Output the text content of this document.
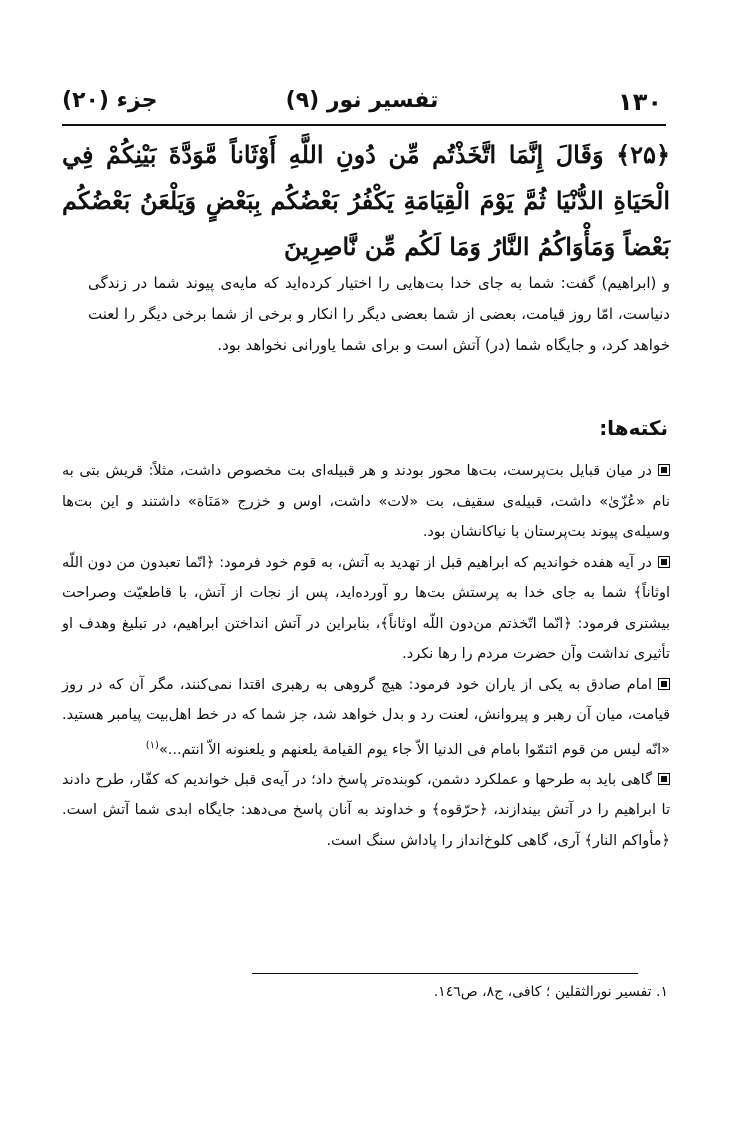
۱۳۰
تفسیر نور (۹)
جزء (۲۰)
﴿۲۵﴾ وَقَالَ إِنَّمَا اتَّخَذْتُم مِّن دُونِ اللَّهِ أَوْثَاناً مَّوَدَّةَ بَيْنِكُمْ فِي الْحَيَاةِ الدُّنْيَا ثُمَّ يَوْمَ الْقِيَامَةِ يَكْفُرُ بَعْضُكُم بِبَعْضٍ وَيَلْعَنُ بَعْضُكُم بَعْضاً وَمَأْوَاكُمُ النَّارُ وَمَا لَكُم مِّن نَّاصِرِينَ
و (ابراهیم) گفت: شما به جای خدا بت‌هایی را اختیار کرده‌اید که مایه‌ی پیوند شما در زندگی دنیاست، امّا روز قیامت، بعضی از شما بعضی دیگر را انکار و برخی از شما برخی دیگر را لعنت خواهد کرد، و جایگاه شما (در) آتش است و برای شما یاورانی نخواهد بود.
نکته‌ها:

در میان قبایل بت‌پرست، بت‌ها محور بودند و هر قبیله‌ای بت مخصوص داشت، مثلاً: قریش بتی به نام «عُزّیٰ» داشت، قبیله‌ی سقیف، بت «لات» داشت، اوس و خزرج «مَنَاة» داشتند و این بت‌ها وسیله‌ی پیوند بت‌پرستان با نیاکانشان بود.

در آیه هفده خواندیم که ابراهیم قبل از تهدید به آتش، به قوم خود فرمود: ﴿انّما تعبدون من دون اللّه اوثاناً﴾ شما به جای خدا به پرستش بت‌ها رو آورده‌اید، پس از نجات از آتش، با قاطعیّت وصراحت بیشتری فرمود: ﴿انّما اتّخذتم من‌دون اللّه اوثاناً﴾، بنابراین در آتش انداختن ابراهیم، در تبلیغ وهدف او تأثیری نداشت وآن حضرت مردم را رها نکرد.

امام صادق به یکی از یاران خود فرمود: هیچ گروهی به رهبری اقتدا نمی‌کنند، مگر آن که در روز قیامت، میان آن رهبر و پیروانش، لعنت رد و بدل خواهد شد، جز شما که در خط اهل‌بیت پیامبر هستید. «انّه لیس من قوم ائتمّوا بامام فی الدنیا الاّ جاء یوم القیامة یلعنهم و یلعنونه الاّ انتم...»$^{(۱)}$

گاهی باید به طرحها و عملکرد دشمن، کوبنده‌تر پاسخ داد؛ در آیه‌ی قبل خواندیم که کفّار، طرح دادند تا ابراهیم را در آتش بیندازند، ﴿حرّقوه﴾ و خداوند به آنان پاسخ می‌دهد: جایگاه ابدی شما آتش است. ﴿مأواکم النار﴾ آری، گاهی کلوخ‌انداز را پاداش سنگ است.

۱. تفسیر نورالثقلین ؛ کافی، ج۸، ص۱٤٦.
